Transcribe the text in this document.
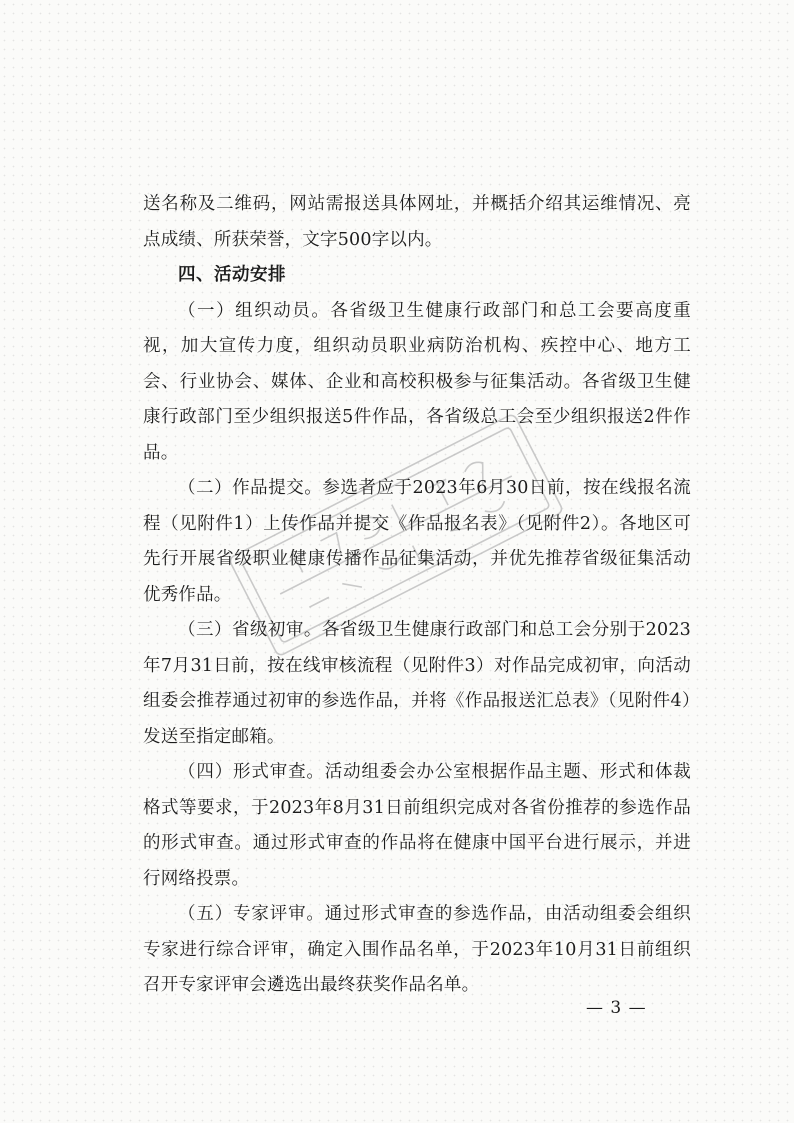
送名称及二维码，网站需报送具体网址，并概括介绍其运维情况、亮点成绩、所获荣誉，文字500字以内。

四、活动安排

（一）组织动员。各省级卫生健康行政部门和总工会要高度重视，加大宣传力度，组织动员职业病防治机构、疾控中心、地方工会、行业协会、媒体、企业和高校积极参与征集活动。各省级卫生健康行政部门至少组织报送5件作品，各省级总工会至少组织报送2件作品。

（二）作品提交。参选者应于2023年6月30日前，按在线报名流程（见附件1）上传作品并提交《作品报名表》（见附件2）。各地区可先行开展省级职业健康传播作品征集活动，并优先推荐省级征集活动优秀作品。

（三）省级初审。各省级卫生健康行政部门和总工会分别于2023年7月31日前，按在线审核流程（见附件3）对作品完成初审，向活动组委会推荐通过初审的参选作品，并将《作品报送汇总表》（见附件4）发送至指定邮箱。

（四）形式审查。活动组委会办公室根据作品主题、形式和体裁格式等要求，于2023年8月31日前组织完成对各省份推荐的参选作品的形式审查。通过形式审查的作品将在健康中国平台进行展示，并进行网络投票。

（五）专家评审。通过形式审查的参选作品，由活动组委会组织专家进行综合评审，确定入围作品名单，于2023年10月31日前组织召开专家评审会遴选出最终获奖作品名单。

— 3 —
